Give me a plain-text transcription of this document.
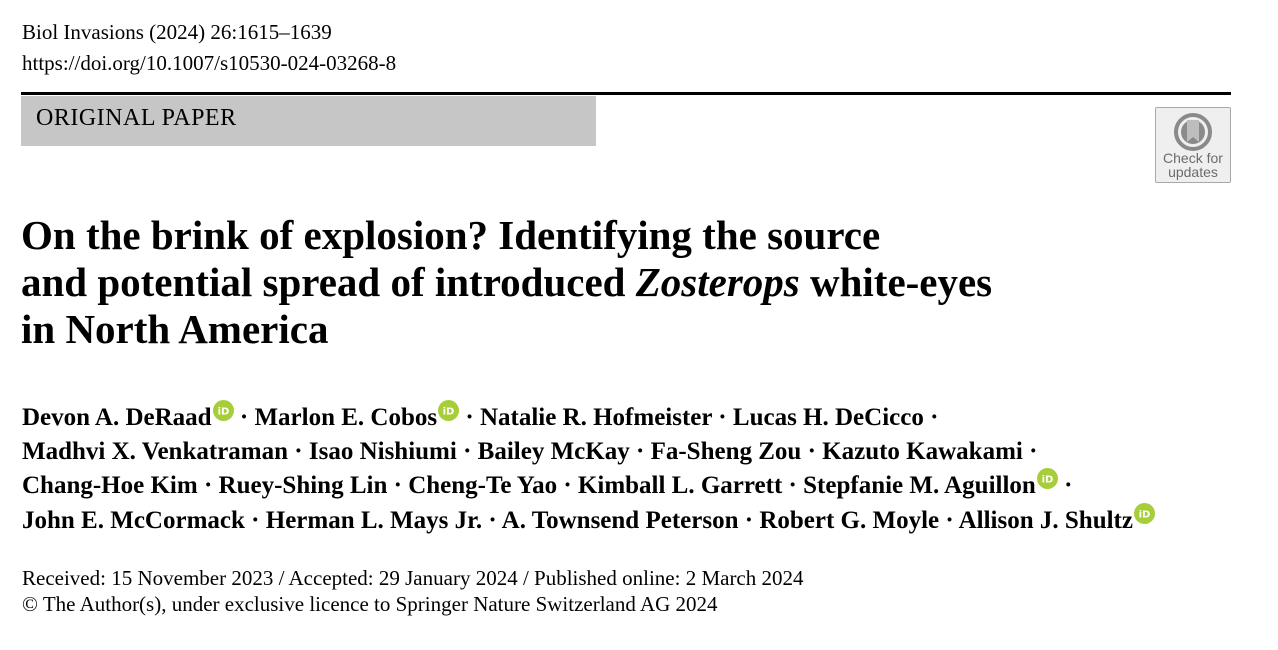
Biol Invasions (2024) 26:1615–1639
https://doi.org/10.1007/s10530-024-03268-8
ORIGINAL PAPER
Check for
updates
On the brink of explosion? Identifying the source
and potential spread of introduced Zosterops white-eyes
in North America
Devon A. DeRaad iD · Marlon E. Cobos iD · Natalie R. Hofmeister · Lucas H. DeCicco ·
Madhvi X. Venkatraman · Isao Nishiumi · Bailey McKay · Fa-Sheng Zou · Kazuto Kawakami ·
Chang-Hoe Kim · Ruey-Shing Lin · Cheng-Te Yao · Kimball L. Garrett · Stepfanie M. Aguillon iD ·
John E. McCormack · Herman L. Mays Jr. · A. Townsend Peterson · Robert G. Moyle · Allison J. Shultz iD
Received: 15 November 2023 / Accepted: 29 January 2024 / Published online: 2 March 2024
© The Author(s), under exclusive licence to Springer Nature Switzerland AG 2024
